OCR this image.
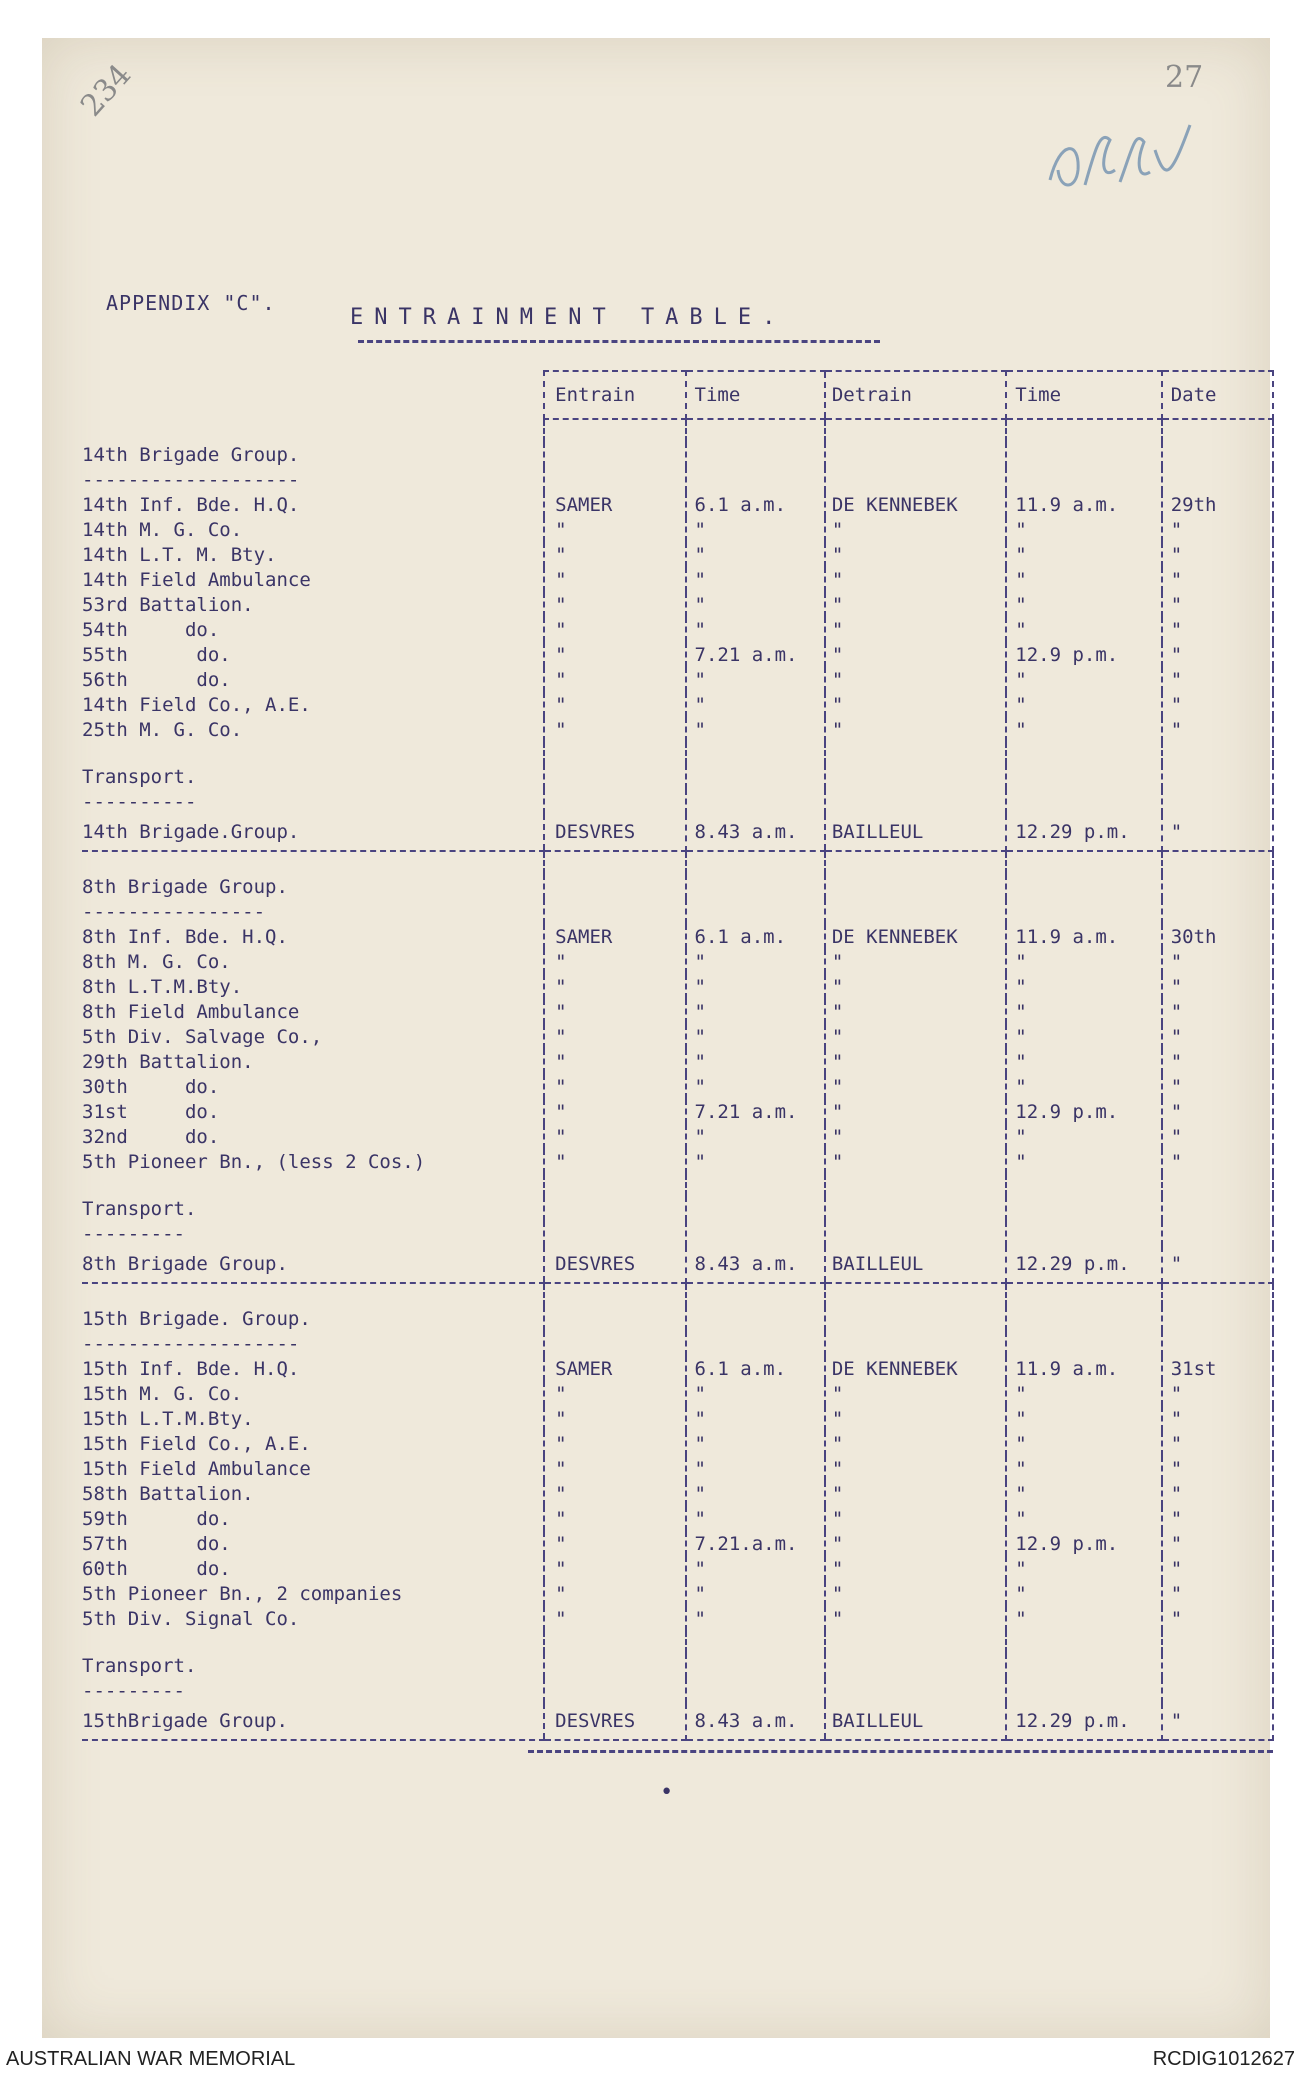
27
234
APPENDIX "C".
ENTRAINMENT TABLE.
	Entrain	Time	Detrain	Time	Date

14th Brigade Group.					
-------------------					
14th Inf. Bde. H.Q.	SAMER	6.1 a.m.	DE KENNEBEK	11.9 a.m.	29th
14th M. G. Co.	"	"	"	"	"
14th L.T. M. Bty.	"	"	"	"	"
14th Field Ambulance	"	"	"	"	"
53rd Battalion.	"	"	"	"	"
54th     do.	"	"	"	"	"
55th      do.	"	7.21 a.m.	"	12.9 p.m.	"
56th      do.	"	"	"	"	"
14th Field Co., A.E.	"	"	"	"	"
25th M. G. Co.	"	"	"	"	"

Transport.					
----------					
14th Brigade.Group.	DESVRES	8.43 a.m.	BAILLEUL	12.29 p.m.	"

8th Brigade Group.					
----------------					
8th Inf. Bde. H.Q.	SAMER	6.1 a.m.	DE KENNEBEK	11.9 a.m.	30th
8th M. G. Co.	"	"	"	"	"
8th L.T.M.Bty.	"	"	"	"	"
8th Field Ambulance	"	"	"	"	"
5th Div. Salvage Co.,	"	"	"	"	"
29th Battalion.	"	"	"	"	"
30th     do.	"	"	"	"	"
31st     do.	"	7.21 a.m.	"	12.9 p.m.	"
32nd     do.	"	"	"	"	"
5th Pioneer Bn., (less 2 Cos.)	"	"	"	"	"

Transport.					
---------					
8th Brigade Group.	DESVRES	8.43 a.m.	BAILLEUL	12.29 p.m.	"

15th Brigade. Group.					
-------------------					
15th Inf. Bde. H.Q.	SAMER	6.1 a.m.	DE KENNEBEK	11.9 a.m.	31st
15th M. G. Co.	"	"	"	"	"
15th L.T.M.Bty.	"	"	"	"	"
15th Field Co., A.E.	"	"	"	"	"
15th Field Ambulance	"	"	"	"	"
58th Battalion.	"	"	"	"	"
59th      do.	"	"	"	"	"
57th      do.	"	7.21.a.m.	"	12.9 p.m.	"
60th      do.	"	"	"	"	"
5th Pioneer Bn., 2 companies	"	"	"	"	"
5th Div. Signal Co.	"	"	"	"	"

Transport.					
---------					
15thBrigade Group.	DESVRES	8.43 a.m.	BAILLEUL	12.29 p.m.	"
•
AUSTRALIAN WAR MEMORIAL	RCDIG1012627
